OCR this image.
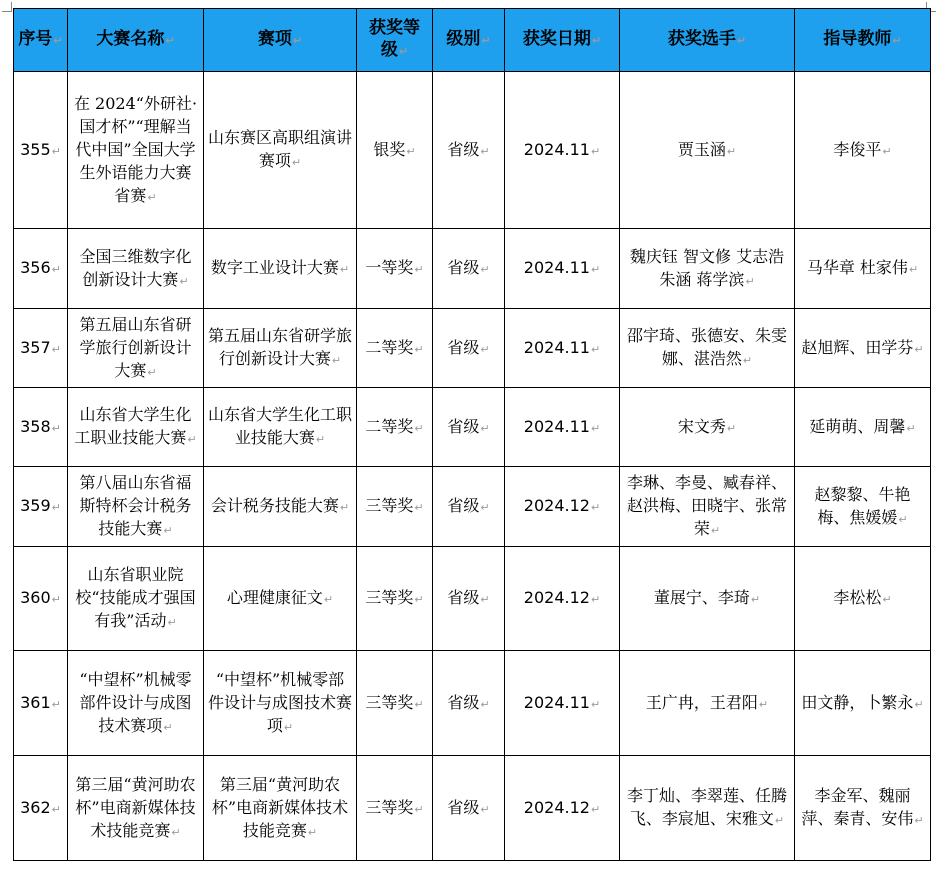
序号 ↵	大赛名称 ↵	赛项 ↵	获奖等级 ↵	级别 ↵	获奖日期 ↵	获奖选手 ↵	指导教师 ↵
355 ↵	在 2024“外研社·国才杯”“理解当代中国”全国大学生外语能力大赛省赛 ↵	山东赛区高职组演讲赛项 ↵	银奖 ↵	省级 ↵	2024.11 ↵	贾玉涵 ↵	李俊平 ↵
356 ↵	全国三维数字化创新设计大赛 ↵	数字工业设计大赛 ↵	一等奖 ↵	省级 ↵	2024.11 ↵	魏庆钰 智文修 艾志浩 朱涵 蒋学滨 ↵	马华章 杜家伟 ↵
357 ↵	第五届山东省研学旅行创新设计大赛 ↵	第五届山东省研学旅行创新设计大赛 ↵	二等奖 ↵	省级 ↵	2024.11 ↵	邵宇琦、张德安、朱雯娜、湛浩然 ↵	赵旭辉、田学芬 ↵
358 ↵	山东省大学生化工职业技能大赛 ↵	山东省大学生化工职业技能大赛 ↵	二等奖 ↵	省级 ↵	2024.11 ↵	宋文秀 ↵	延萌萌、周馨 ↵
359 ↵	第八届山东省福斯特杯会计税务技能大赛 ↵	会计税务技能大赛 ↵	三等奖 ↵	省级 ↵	2024.12 ↵	李琳、李曼、臧春祥、赵洪梅、田晓宇、张常荣 ↵	赵黎黎、牛艳梅、焦媛媛 ↵
360 ↵	山东省职业院校“技能成才强国有我”活动 ↵	心理健康征文 ↵	三等奖 ↵	省级 ↵	2024.12 ↵	董展宁、李琦 ↵	李松松 ↵
361 ↵	“中望杯”机械零部件设计与成图技术赛项 ↵	“中望杯”机械零部件设计与成图技术赛项 ↵	三等奖 ↵	省级 ↵	2024.11 ↵	王广冉，王君阳 ↵	田文静，卜繁永 ↵
362 ↵	第三届“黄河助农杯”电商新媒体技术技能竞赛 ↵	第三届“黄河助农杯”电商新媒体技术技能竞赛 ↵	三等奖 ↵	省级 ↵	2024.12 ↵	李丁灿、李翠莲、任腾飞、李宸旭、宋雅文 ↵	李金军、魏丽萍、秦青、安伟 ↵
